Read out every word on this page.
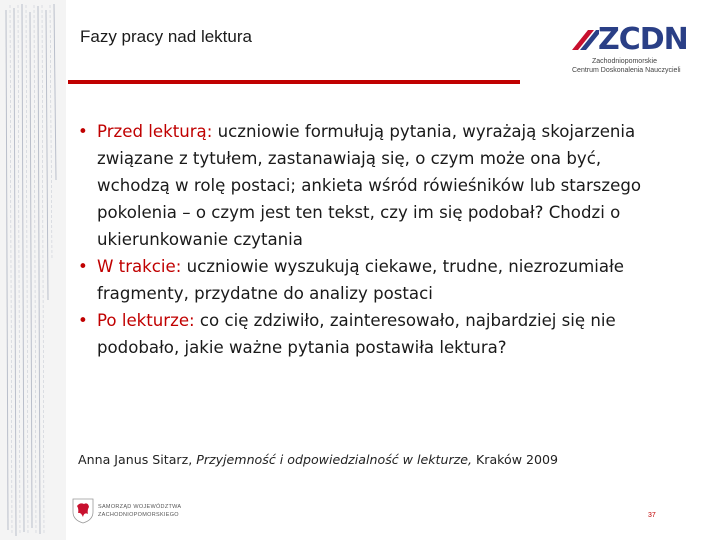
Fazy pracy nad lektura	ZCDN
Zachodniopomorskie
Centrum Doskonalenia Nauczycieli
• Przed lekturą: uczniowie formułują pytania, wyrażają skojarzenia związane z tytułem, zastanawiają się, o czym może ona być, wchodzą w rolę postaci; ankieta wśród rówieśników lub starszego pokolenia – o czym jest ten tekst, czy im się podobał? Chodzi o ukierunkowanie czytania
• W trakcie: uczniowie wyszukują ciekawe, trudne, niezrozumiałe fragmenty, przydatne do analizy postaci
• Po lekturze: co cię zdziwiło, zainteresowało, najbardziej się nie podobało, jakie ważne pytania postawiła lektura?
Anna Janus Sitarz, Przyjemność i odpowiedzialność w lekturze, Kraków 2009
SAMORZĄD WOJEWÓDZTWA
ZACHODNIOPOMORSKIEGO	37
